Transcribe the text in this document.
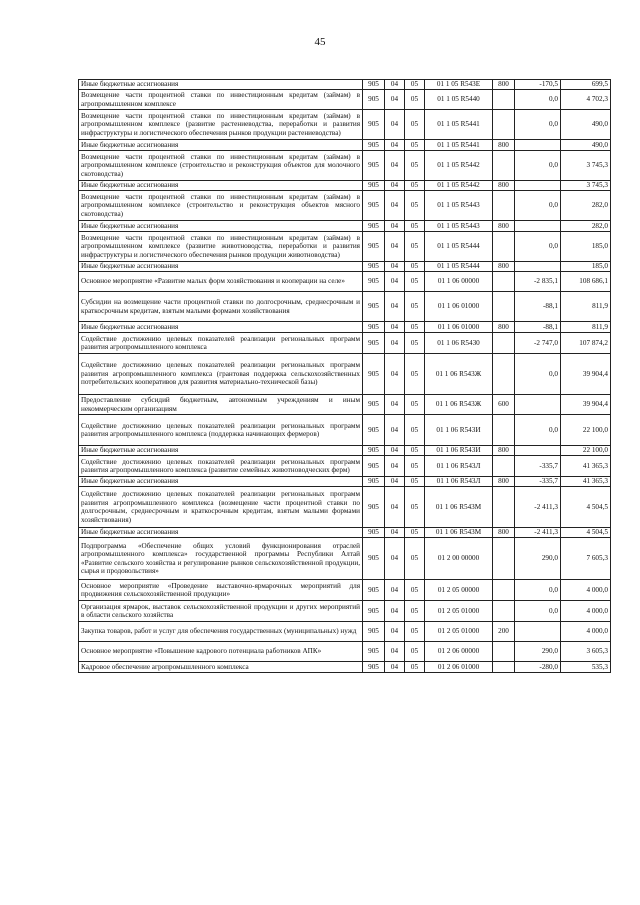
45
Иные бюджетные ассигнования	905	04	05	01 1 05 R543Е	800	-170,5	699,5
Возмещение части процентной ставки по инвестиционным кредитам (займам) в агропромышленном комплексе	905	04	05	01 1 05 R5440		0,0	4 702,3
Возмещение части процентной ставки по инвестиционным кредитам (займам) в агропромышленном комплексе (развитие растениеводства, переработки и развития инфраструктуры и логистического обеспечения рынков продукции растениеводства)	905	04	05	01 1 05 R5441		0,0	490,0
Иные бюджетные ассигнования	905	04	05	01 1 05 R5441	800		490,0
Возмещение части процентной ставки по инвестиционным кредитам (займам) в агропромышленном комплексе (строительство и реконструкция объектов для молочного скотоводства)	905	04	05	01 1 05 R5442		0,0	3 745,3
Иные бюджетные ассигнования	905	04	05	01 1 05 R5442	800		3 745,3
Возмещение части процентной ставки по инвестиционным кредитам (займам) в агропромышленном комплексе (строительство и реконструкция объектов мясного скотоводства)	905	04	05	01 1 05 R5443		0,0	282,0
Иные бюджетные ассигнования	905	04	05	01 1 05 R5443	800		282,0
Возмещение части процентной ставки по инвестиционным кредитам (займам) в агропромышленном комплексе (развитие животноводства, переработки и развития инфраструктуры и логистического обеспечения рынков продукции животноводства)	905	04	05	01 1 05 R5444		0,0	185,0
Иные бюджетные ассигнования	905	04	05	01 1 05 R5444	800		185,0
Основное мероприятие «Развитие малых форм хозяйствования и кооперации на селе»	905	04	05	01 1 06 00000		-2 835,1	108 686,1
Субсидии на возмещение части процентной ставки по долгосрочным, среднесрочным и краткосрочным кредитам, взятым малыми формами хозяйствования	905	04	05	01 1 06 01000		-88,1	811,9
Иные бюджетные ассигнования	905	04	05	01 1 06 01000	800	-88,1	811,9
Содействие достижению целевых показателей реализации региональных программ развития агропромышленного комплекса	905	04	05	01 1 06 R5430		-2 747,0	107 874,2
Содействие достижению целевых показателей реализации региональных программ развития агропромышленного комплекса (грантовая поддержка сельскохозяйственных потребительских кооперативов для развития материально-технической базы)	905	04	05	01 1 06 R543Ж		0,0	39 904,4
Предоставление субсидий бюджетным, автономным учреждениям и иным некоммерческим организациям	905	04	05	01 1 06 R543Ж	600		39 904,4
Содействие достижению целевых показателей реализации региональных программ развития агропромышленного комплекса (поддержка начинающих фермеров)	905	04	05	01 1 06 R543И		0,0	22 100,0
Иные бюджетные ассигнования	905	04	05	01 1 06 R543И	800		22 100,0
Содействие достижению целевых показателей реализации региональных программ развития агропромышленного комплекса (развитие семейных животноводческих ферм)	905	04	05	01 1 06 R543Л		-335,7	41 365,3
Иные бюджетные ассигнования	905	04	05	01 1 06 R543Л	800	-335,7	41 365,3
Содействие достижению целевых показателей реализации региональных программ развития агропромышленного комплекса (возмещение части процентной ставки по долгосрочным, среднесрочным и краткосрочным кредитам, взятым малыми формами хозяйствования)	905	04	05	01 1 06 R543М		-2 411,3	4 504,5
Иные бюджетные ассигнования	905	04	05	01 1 06 R543М	800	-2 411,3	4 504,5
Подпрограмма «Обеспечение общих условий функционирования отраслей агропромышленного комплекса» государственной программы Республики Алтай «Развитие сельского хозяйства и регулирование рынков сельскохозяйственной продукции, сырья и продовольствия»	905	04	05	01 2 00 00000		290,0	7 605,3
Основное мероприятие «Проведение выставочно-ярмарочных мероприятий для продвижения сельскохозяйственной продукции»	905	04	05	01 2 05 00000		0,0	4 000,0
Организация ярмарок, выставок сельскохозяйственной продукции и других мероприятий в области сельского хозяйства	905	04	05	01 2 05 01000		0,0	4 000,0
Закупка товаров, работ и услуг для обеспечения государственных (муниципальных) нужд	905	04	05	01 2 05 01000	200		4 000,0
Основное мероприятие «Повышение кадрового потенциала работников АПК»	905	04	05	01 2 06 00000		290,0	3 605,3
Кадровое обеспечение агропромышленного комплекса	905	04	05	01 2 06 01000		-280,0	535,3
